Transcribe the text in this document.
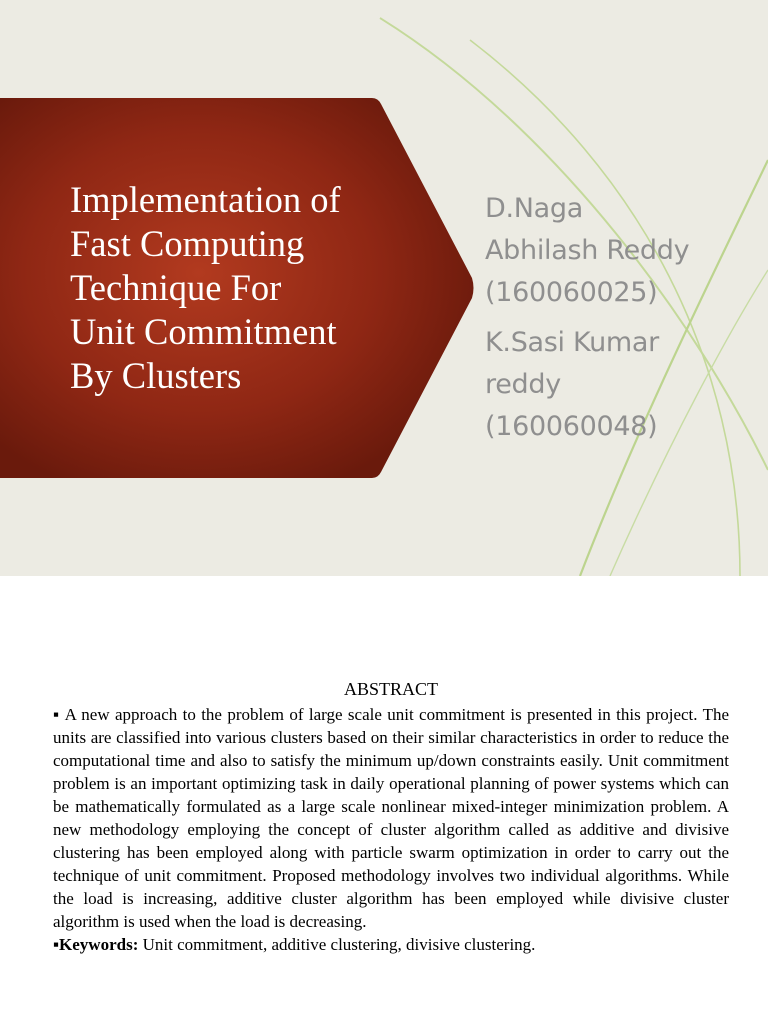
Implementation of
Fast Computing
Technique For
Unit Commitment
By Clusters
D.Naga
Abhilash Reddy
(160060025)
K.Sasi Kumar
reddy
(160060048)
ABSTRACT

▪ A new approach to the problem of large scale unit commitment is presented in this project. The units are classified into various clusters based on their similar characteristics in order to reduce the computational time and also to satisfy the minimum up/down constraints easily. Unit commitment problem is an important optimizing task in daily operational planning of power systems which can be mathematically formulated as a large scale nonlinear mixed-integer minimization problem. A new methodology employing the concept of cluster algorithm called as additive and divisive clustering has been employed along with particle swarm optimization in order to carry out the technique of unit commitment. Proposed methodology involves two individual algorithms. While the load is increasing, additive cluster algorithm has been employed while divisive cluster algorithm is used when the load is decreasing.

▪Keywords: Unit commitment, additive clustering, divisive clustering.
